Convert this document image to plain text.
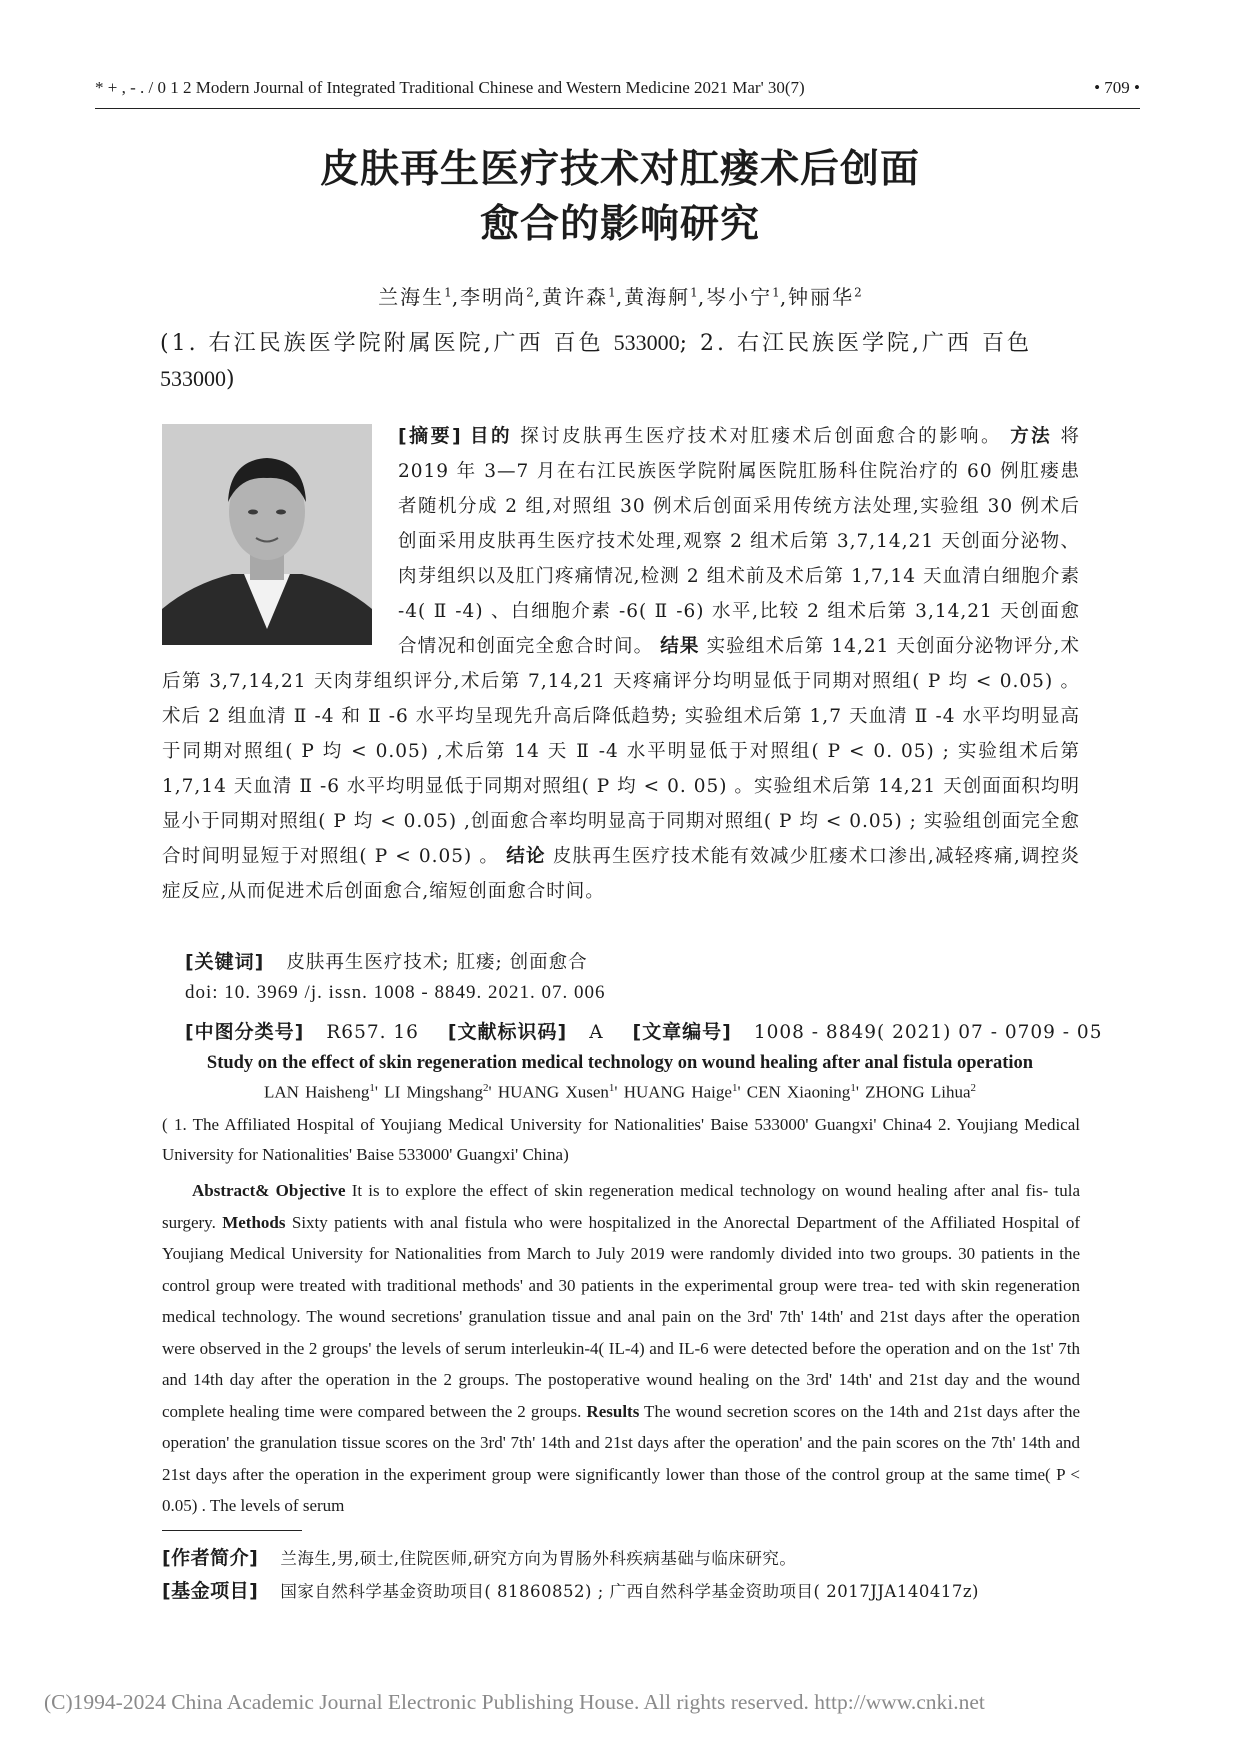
* + , - . / 0 1 2 Modern Journal of Integrated Traditional Chinese and Western Medicine 2021 Mar' 30(7)	• 709 •
皮肤再生医疗技术对肛瘘术后创面
愈合的影响研究
兰海生$^1$,李明尚$^2$,黄许森$^1$,黄海舸$^1$,岑小宁$^1$,钟丽华$^2$
(1. 右江民族医学院附属医院,广西 百色 533000; 2. 右江民族医学院,广西 百色 533000)
[摘要] 目的 探讨皮肤再生医疗技术对肛瘘术后创面愈合的影响。 方法 将 2019 年 3—7 月在右江民族医学院附属医院肛肠科住院治疗的 60 例肛瘘患者随机分成 2 组,对照组 30 例术后创面采用传统方法处理,实验组 30 例术后创面采用皮肤再生医疗技术处理,观察 2 组术后第 3,7,14,21 天创面分泌物、肉芽组织以及肛门疼痛情况,检测 2 组术前及术后第 1,7,14 天血清白细胞介素 -4( Ⅱ -4) 、白细胞介素 -6( Ⅱ -6) 水平,比较 2 组术后第 3,14,21 天创面愈合情况和创面完全愈合时间。 结果 实验组术后第 14,21 天创面分泌物评分,术后第 3,7,14,21 天肉芽组织评分,术后第 7,14,21 天疼痛评分均明显低于同期对照组( P 均 < 0.05) 。术后 2 组血清 Ⅱ -4 和 Ⅱ -6 水平均呈现先升高后降低趋势; 实验组术后第 1,7 天血清 Ⅱ -4 水平均明显高于同期对照组( P 均 < 0.05) ,术后第 14 天 Ⅱ -4 水平明显低于对照组( P < 0. 05) ; 实验组术后第 1,7,14 天血清 Ⅱ -6 水平均明显低于同期对照组( P 均 < 0. 05) 。实验组术后第 14,21 天创面面积均明显小于同期对照组( P 均 < 0.05) ,创面愈合率均明显高于同期对照组( P 均 < 0.05) ; 实验组创面完全愈合时间明显短于对照组( P < 0.05) 。 结论 皮肤再生医疗技术能有效减少肛瘘术口渗出,减轻疼痛,调控炎症反应,从而促进术后创面愈合,缩短创面愈合时间。
[关键词] 皮肤再生医疗技术; 肛瘘; 创面愈合
doi: 10. 3969 /j. issn. 1008 - 8849. 2021. 07. 006
[中图分类号] R657. 16 [文献标识码] A [文章编号] 1008 - 8849( 2021) 07 - 0709 - 05
Study on the effect of skin regeneration medical technology on wound healing after anal fistula operation
LAN Haisheng$^1$' LI Mingshang$^2$' HUANG Xusen$^1$' HUANG Haige$^1$' CEN Xiaoning$^1$' ZHONG Lihua$^2$
( 1. The Affiliated Hospital of Youjiang Medical University for Nationalities' Baise 533000' Guangxi' China4 2. Youjiang Medical University for Nationalities' Baise 533000' Guangxi' China)
Abstract& Objective It is to explore the effect of skin regeneration medical technology on wound healing after anal fis- tula surgery. Methods Sixty patients with anal fistula who were hospitalized in the Anorectal Department of the Affiliated Hospital of Youjiang Medical University for Nationalities from March to July 2019 were randomly divided into two groups. 30 patients in the control group were treated with traditional methods' and 30 patients in the experimental group were trea- ted with skin regeneration medical technology. The wound secretions' granulation tissue and anal pain on the 3rd' 7th' 14th' and 21st days after the operation were observed in the 2 groups' the levels of serum interleukin-4( IL-4) and IL-6 were detected before the operation and on the 1st' 7th and 14th day after the operation in the 2 groups. The postoperative wound healing on the 3rd' 14th' and 21st day and the wound complete healing time were compared between the 2 groups. Results The wound secretion scores on the 14th and 21st days after the operation' the granulation tissue scores on the 3rd' 7th' 14th and 21st days after the operation' and the pain scores on the 7th' 14th and 21st days after the operation in the experiment group were significantly lower than those of the control group at the same time( P < 0.05) . The levels of serum
[作者简介] 兰海生,男,硕士,住院医师,研究方向为胃肠外科疾病基础与临床研究。
[基金项目] 国家自然科学基金资助项目( 81860852) ; 广西自然科学基金资助项目( 2017JJA140417z)
(C)1994-2024 China Academic Journal Electronic Publishing House. All rights reserved. http://www.cnki.net
